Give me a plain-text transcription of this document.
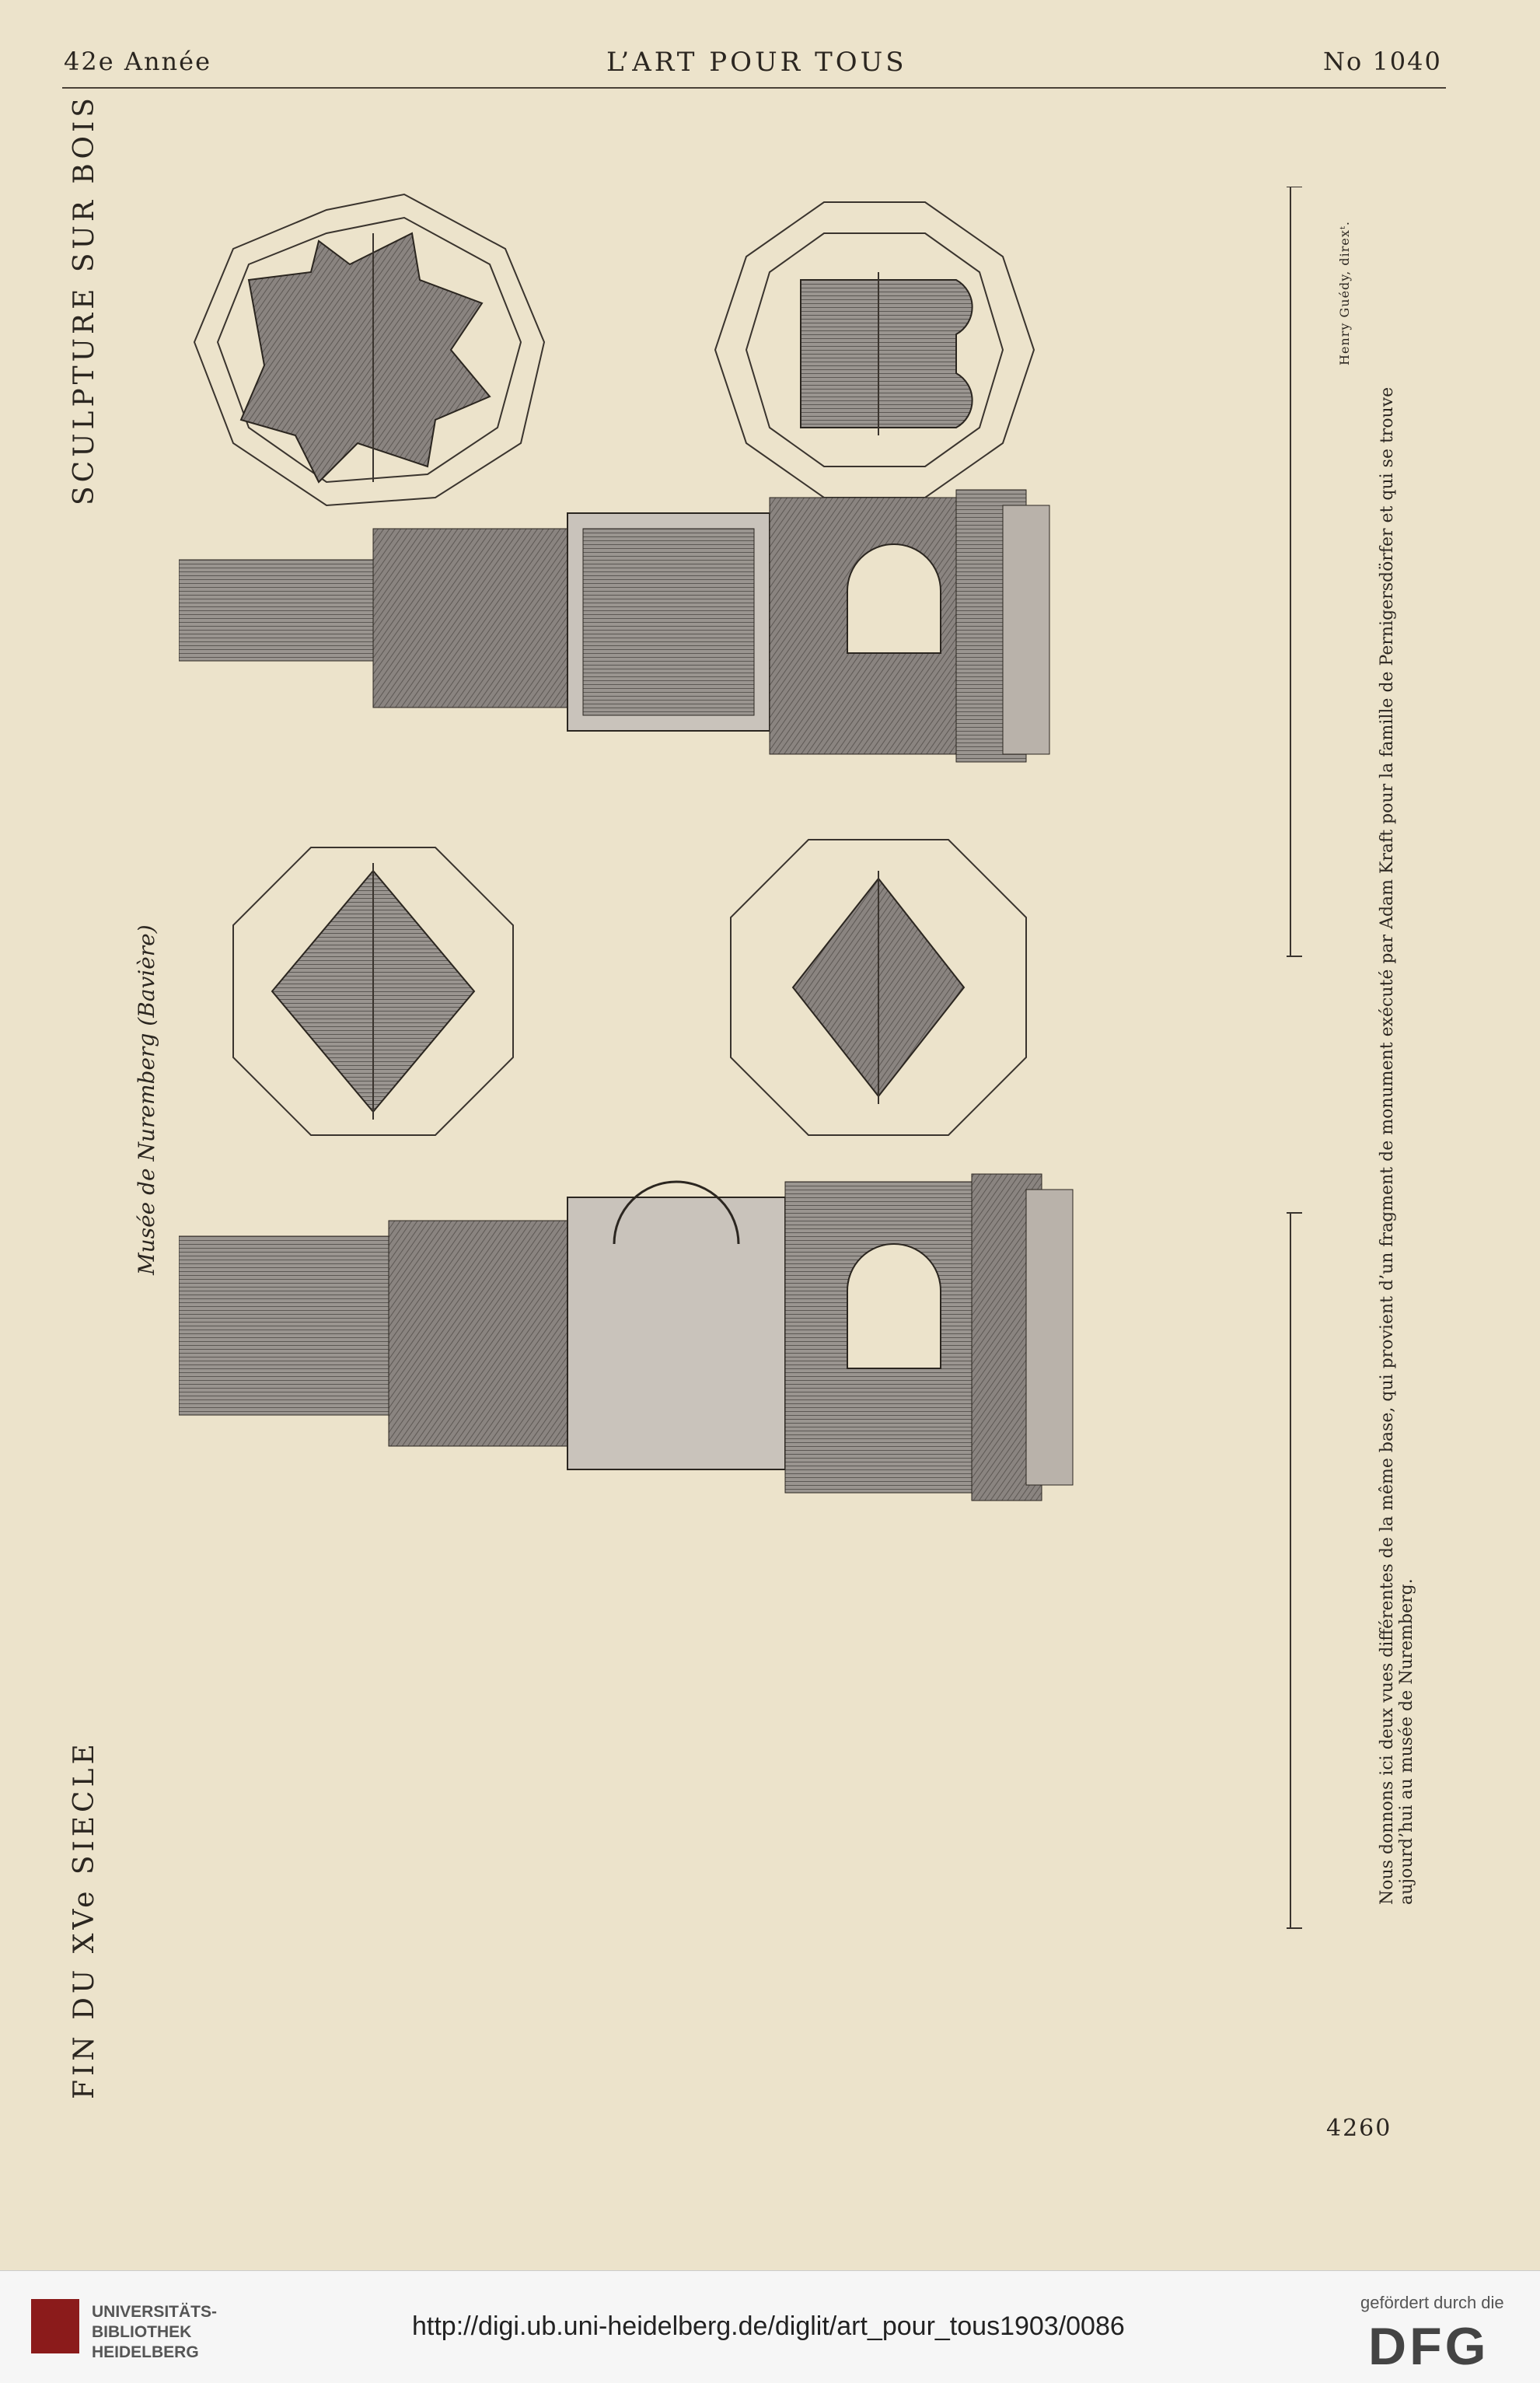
42e Année	L’ART POUR TOUS	No 1040
SCULPTURE SUR BOIS
FIN DU XVe SIECLE
Musée de Nuremberg (Bavière)
Henry Guédy, direxᵗ.
Nous donnons ici deux vues différentes de la même base, qui provient d’un fragment de monument exécuté par Adam Kraft pour la famille de Pernigersdörfer et qui se trouve aujourd’hui au musée de Nuremberg.
4260
UNIVERSITÄTS-
BIBLIOTHEK
HEIDELBERG
http://digi.ub.uni-heidelberg.de/diglit/art_pour_tous1903/0086
gefördert durch die
DFG
